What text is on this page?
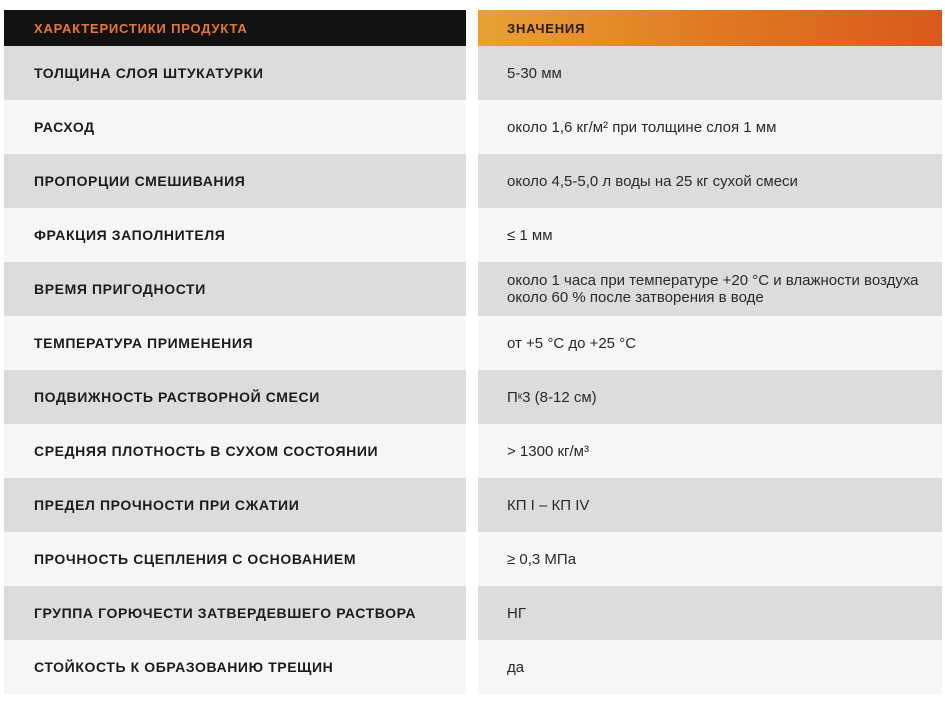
ХАРАКТЕРИСТИКИ ПРОДУКТА	ЗНАЧЕНИЯ
ТОЛЩИНА СЛОЯ ШТУКАТУРКИ	5-30 мм
РАСХОД	около 1,6 кг/м² при толщине слоя 1 мм
ПРОПОРЦИИ СМЕШИВАНИЯ	около 4,5-5,0 л воды на 25 кг сухой смеси
ФРАКЦИЯ ЗАПОЛНИТЕЛЯ	≤ 1 мм
ВРЕМЯ ПРИГОДНОСТИ	около 1 часа при температуре +20 °С и влажности воздуха около 60 % после затворения в воде
ТЕМПЕРАТУРА ПРИМЕНЕНИЯ	от +5 °С до +25 °С
ПОДВИЖНОСТЬ РАСТВОРНОЙ СМЕСИ	П к 3 (8-12 см)
СРЕДНЯЯ ПЛОТНОСТЬ В СУХОМ СОСТОЯНИИ	> 1300 кг/м³
ПРЕДЕЛ ПРОЧНОСТИ ПРИ СЖАТИИ	КП I – КП IV
ПРОЧНОСТЬ СЦЕПЛЕНИЯ С ОСНОВАНИЕМ	≥ 0,3 МПа
ГРУППА ГОРЮЧЕСТИ ЗАТВЕРДЕВШЕГО РАСТВОРА	НГ
СТОЙКОСТЬ К ОБРАЗОВАНИЮ ТРЕЩИН	да
